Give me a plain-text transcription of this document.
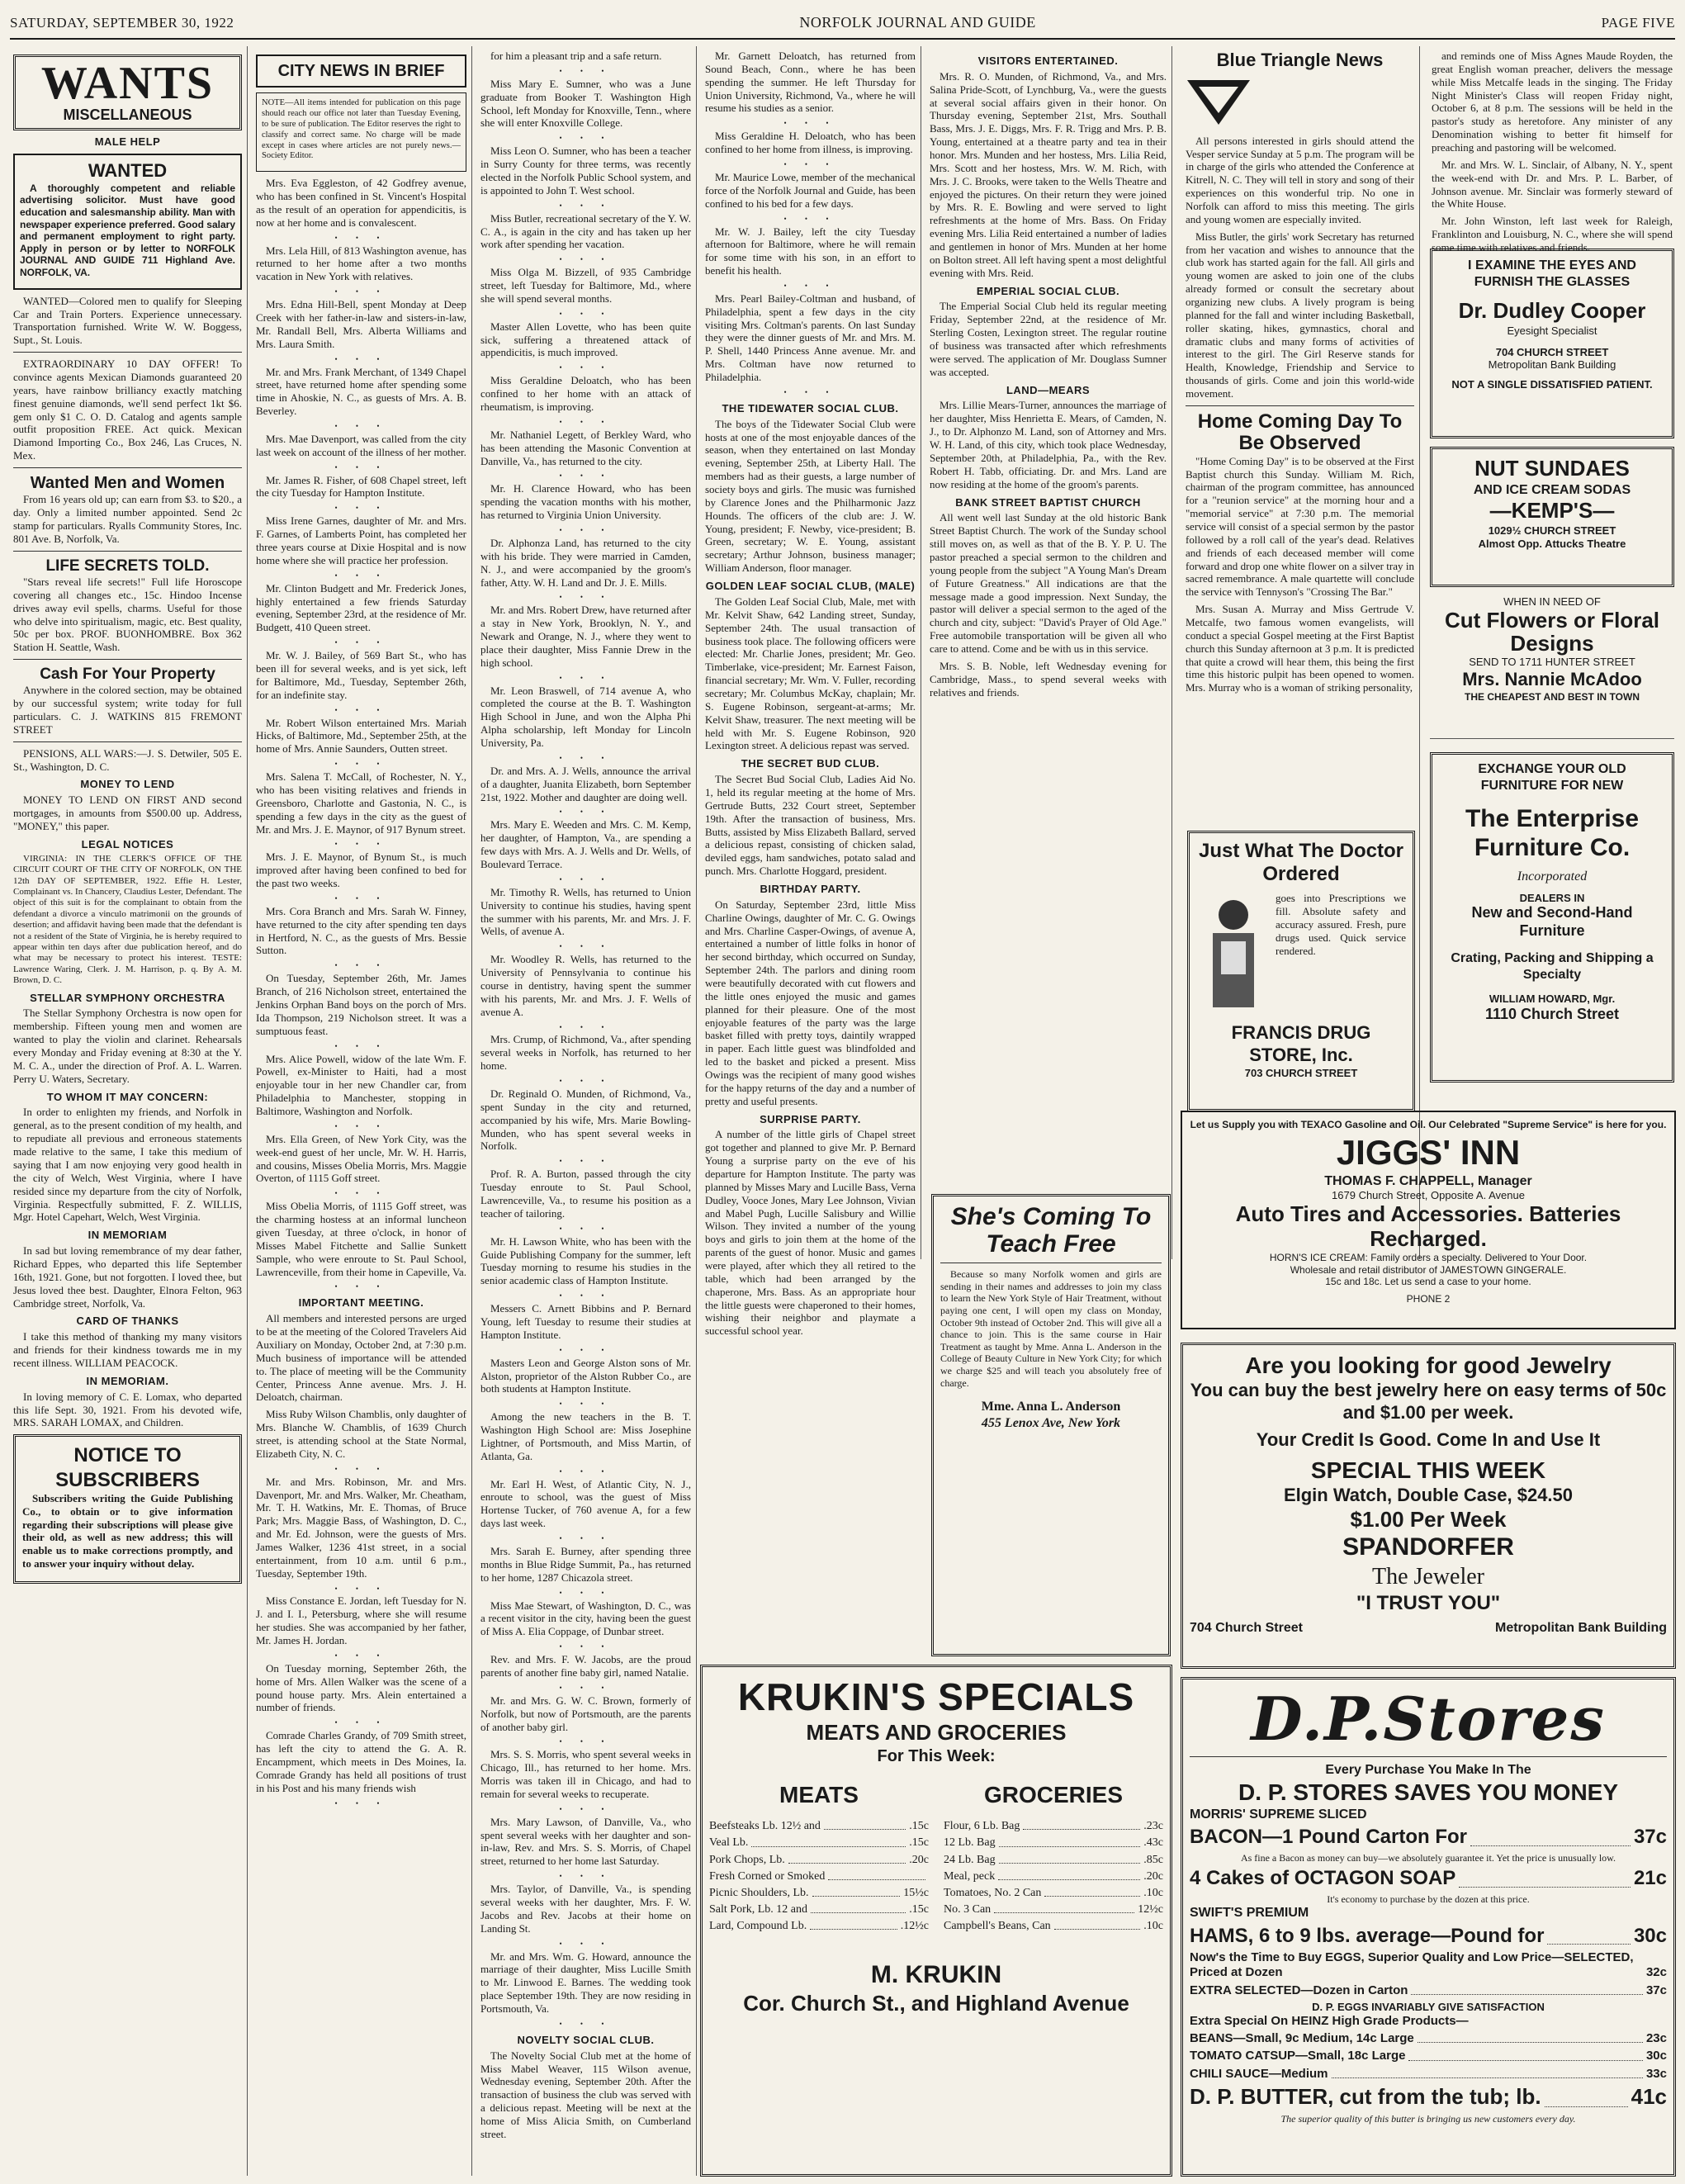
SATURDAY, SEPTEMBER 30, 1922	NORFOLK JOURNAL AND GUIDE	PAGE FIVE
WANTS
MISCELLANEOUS
MALE HELP
WANTED

A thoroughly competent and reliable advertising solicitor. Must have good education and salesmanship ability. Man with newspaper experience preferred. Good salary and permanent employment to right party. Apply in person or by letter to NORFOLK JOURNAL AND GUIDE 711 Highland Ave. NORFOLK, VA.

WANTED—Colored men to qualify for Sleeping Car and Train Porters. Experience unnecessary. Transportation furnished. Write W. W. Boggess, Supt., St. Louis.

EXTRAORDINARY 10 DAY OFFER! To convince agents Mexican Diamonds guaranteed 20 years, have rainbow brilliancy exactly matching finest genuine diamonds, we'll send perfect 1kt $6. gem only $1 C. O. D. Catalog and agents sample outfit proposition FREE. Act quick. Mexican Diamond Importing Co., Box 246, Las Cruces, N. Mex.

Wanted Men and Women

From 16 years old up; can earn from $3. to $20., a day. Only a limited number appointed. Send 2c stamp for particulars. Ryalls Community Stores, Inc. 801 Ave. B, Norfolk, Va.

LIFE SECRETS TOLD.

"Stars reveal life secrets!" Full life Horoscope covering all changes etc., 15c. Hindoo Incense drives away evil spells, charms. Useful for those who delve into spiritualism, magic, etc. Best quality, 50c per box. PROF. BUONHOMBRE. Box 362 Station H. Seattle, Wash.

Cash For Your Property

Anywhere in the colored section, may be obtained by our successful system; write today for full particulars. C. J. WATKINS 815 FREMONT STREET

PENSIONS, ALL WARS:—J. S. Detwiler, 505 E. St., Washington, D. C.

MONEY TO LEND

MONEY TO LEND ON FIRST AND second mortgages, in amounts from $500.00 up. Address, "MONEY," this paper.

LEGAL NOTICES

VIRGINIA: IN THE CLERK'S OFFICE OF THE CIRCUIT COURT OF THE CITY OF NORFOLK, ON THE 12th DAY OF SEPTEMBER, 1922. Effie H. Lester, Complainant vs. In Chancery, Claudius Lester, Defendant. The object of this suit is for the complainant to obtain from the defendant a divorce a vinculo matrimonii on the grounds of desertion; and affidavit having been made that the defendant is not a resident of the State of Virginia, he is hereby required to appear within ten days after due publication hereof, and do what may be necessary to protect his interest. TESTE: Lawrence Waring, Clerk. J. M. Harrison, p. q. By A. M. Brown, D. C.

STELLAR SYMPHONY ORCHESTRA

The Stellar Symphony Orchestra is now open for membership. Fifteen young men and women are wanted to play the violin and clarinet. Rehearsals every Monday and Friday evening at 8:30 at the Y. M. C. A., under the direction of Prof. A. L. Warren. Perry U. Waters, Secretary.

TO WHOM IT MAY CONCERN:

In order to enlighten my friends, and Norfolk in general, as to the present condition of my health, and to repudiate all previous and erroneous statements made relative to the same, I take this medium of saying that I am now enjoying very good health in the city of Welch, West Virginia, where I have resided since my departure from the city of Norfolk, Virginia. Respectfully submitted, F. Z. WILLIS, Mgr. Hotel Capehart, Welch, West Virginia.

IN MEMORIAM

In sad but loving remembrance of my dear father, Richard Eppes, who departed this life September 16th, 1921. Gone, but not forgotten. I loved thee, but Jesus loved thee best. Daughter, Elnora Felton, 963 Cambridge street, Norfolk, Va.

CARD OF THANKS

I take this method of thanking my many visitors and friends for their kindness towards me in my recent illness. WILLIAM PEACOCK.

IN MEMORIAM.

In loving memory of C. E. Lomax, who departed this life Sept. 30, 1921. From his devoted wife, MRS. SARAH LOMAX, and Children.

NOTICE TO SUBSCRIBERS

Subscribers writing the Guide Publishing Co., to obtain or to give information regarding their subscriptions will please give their old, as well as new address; this will enable us to make corrections promptly, and to answer your inquiry without delay.

CITY NEWS IN BRIEF

NOTE—All items intended for publication on this page should reach our office not later than Tuesday Evening, to be sure of publication. The Editor reserves the right to classify and correct same. No charge will be made except in cases where articles are not purely news.—Society Editor.

Mrs. Eva Eggleston, of 42 Godfrey avenue, who has been confined in St. Vincent's Hospital as the result of an operation for appendicitis, is now at her home and is convalescent.

• • •

Mrs. Lela Hill, of 813 Washington avenue, has returned to her home after a two months vacation in New York with relatives.

• • •

Mrs. Edna Hill-Bell, spent Monday at Deep Creek with her father-in-law and sisters-in-law, Mr. Randall Bell, Mrs. Alberta Williams and Mrs. Laura Smith.

• • •

Mr. and Mrs. Frank Merchant, of 1349 Chapel street, have returned home after spending some time in Ahoskie, N. C., as guests of Mrs. A. B. Beverley.

• • •

Mrs. Mae Davenport, was called from the city last week on account of the illness of her mother.

• • •

Mr. James R. Fisher, of 608 Chapel street, left the city Tuesday for Hampton Institute.

• • •

Miss Irene Garnes, daughter of Mr. and Mrs. F. Garnes, of Lamberts Point, has completed her three years course at Dixie Hospital and is now home where she will practice her profession.

• • •

Mr. Clinton Budgett and Mr. Frederick Jones, highly entertained a few friends Saturday evening, September 23rd, at the residence of Mr. Budgett, 410 Queen street.

• • •

Mr. W. J. Bailey, of 569 Bart St., who has been ill for several weeks, and is yet sick, left for Baltimore, Md., Tuesday, September 26th, for an indefinite stay.

• • •

Mr. Robert Wilson entertained Mrs. Mariah Hicks, of Baltimore, Md., September 25th, at the home of Mrs. Annie Saunders, Outten street.

• • •

Mrs. Salena T. McCall, of Rochester, N. Y., who has been visiting relatives and friends in Greensboro, Charlotte and Gastonia, N. C., is spending a few days in the city as the guest of Mr. and Mrs. J. E. Maynor, of 917 Bynum street.

• • •

Mrs. J. E. Maynor, of Bynum St., is much improved after having been confined to bed for the past two weeks.

• • •

Mrs. Cora Branch and Mrs. Sarah W. Finney, have returned to the city after spending ten days in Hertford, N. C., as the guests of Mrs. Bessie Sutton.

• • •

On Tuesday, September 26th, Mr. James Branch, of 216 Nicholson street, entertained the Jenkins Orphan Band boys on the porch of Mrs. Ida Thompson, 219 Nicholson street. It was a sumptuous feast.

• • •

Mrs. Alice Powell, widow of the late Wm. F. Powell, ex-Minister to Haiti, had a most enjoyable tour in her new Chandler car, from Philadelphia to Manchester, stopping in Baltimore, Washington and Norfolk.

• • •

Mrs. Ella Green, of New York City, was the week-end guest of her uncle, Mr. W. H. Harris, and cousins, Misses Obelia Morris, Mrs. Maggie Overton, of 1115 Goff street.

• • •

Miss Obelia Morris, of 1115 Goff street, was the charming hostess at an informal luncheon given Tuesday, at three o'clock, in honor of Misses Mabel Fitchette and Sallie Sunkett Sample, who were enroute to St. Paul School, Lawrenceville, from their home in Capeville, Va.

• • •
IMPORTANT MEETING.

All members and interested persons are urged to be at the meeting of the Colored Travelers Aid Auxiliary on Monday, October 2nd, at 7:30 p.m. Much business of importance will be attended to. The place of meeting will be the Community Center, Princess Anne avenue. Mrs. J. H. Deloatch, chairman.

Miss Ruby Wilson Chamblis, only daughter of Mrs. Blanche W. Chamblis, of 1639 Church street, is attending school at the State Normal, Elizabeth City, N. C.

• • •

Mr. and Mrs. Robinson, Mr. and Mrs. Davenport, Mr. and Mrs. Walker, Mr. Cheatham, Mr. T. H. Watkins, Mr. E. Thomas, of Bruce Park; Mrs. Maggie Bass, of Washington, D. C., and Mr. Ed. Johnson, were the guests of Mrs. James Walker, 1236 41st street, in a social entertainment, from 10 a.m. until 6 p.m., Tuesday, September 19th.

• • •

Miss Constance E. Jordan, left Tuesday for N. J. and I. I., Petersburg, where she will resume her studies. She was accompanied by her father, Mr. James H. Jordan.

• • •

On Tuesday morning, September 26th, the home of Mrs. Allen Walker was the scene of a pound house party. Mrs. Alein entertained a number of friends.

• • •

Comrade Charles Grandy, of 709 Smith street, has left the city to attend the G. A. R. Encampment, which meets in Des Moines, Ia. Comrade Grandy has held all positions of trust in his Post and his many friends wish

• • •

for him a pleasant trip and a safe return.

• • •

Miss Mary E. Sumner, who was a June graduate from Booker T. Washington High School, left Monday for Knoxville, Tenn., where she will enter Knoxville College.

• • •

Miss Leon O. Sumner, who has been a teacher in Surry County for three terms, was recently elected in the Norfolk Public School system, and is appointed to John T. West school.

• • •

Miss Butler, recreational secretary of the Y. W. C. A., is again in the city and has taken up her work after spending her vacation.

• • •

Miss Olga M. Bizzell, of 935 Cambridge street, left Tuesday for Baltimore, Md., where she will spend several months.

• • •

Master Allen Lovette, who has been quite sick, suffering a threatened attack of appendicitis, is much improved.

• • •

Miss Geraldine Deloatch, who has been confined to her home with an attack of rheumatism, is improving.

• • •

Mr. Nathaniel Legett, of Berkley Ward, who has been attending the Masonic Convention at Danville, Va., has returned to the city.

• • •

Mr. H. Clarence Howard, who has been spending the vacation months with his mother, has returned to Virginia Union University.

• • •

Dr. Alphonza Land, has returned to the city with his bride. They were married in Camden, N. J., and were accompanied by the groom's father, Atty. W. H. Land and Dr. J. E. Mills.

• • •

Mr. and Mrs. Robert Drew, have returned after a stay in New York, Brooklyn, N. Y., and Newark and Orange, N. J., where they went to place their daughter, Miss Fannie Drew in the high school.

• • •

Mr. Leon Braswell, of 714 avenue A, who completed the course at the B. T. Washington High School in June, and won the Alpha Phi Alpha scholarship, left Monday for Lincoln University, Pa.

• • •

Dr. and Mrs. A. J. Wells, announce the arrival of a daughter, Juanita Elizabeth, born September 21st, 1922. Mother and daughter are doing well.

• • •

Mrs. Mary E. Weeden and Mrs. C. M. Kemp, her daughter, of Hampton, Va., are spending a few days with Mrs. A. J. Wells and Dr. Wells, of Boulevard Terrace.

• • •

Mr. Timothy R. Wells, has returned to Union University to continue his studies, having spent the summer with his parents, Mr. and Mrs. J. F. Wells, of avenue A.

• • •

Mr. Woodley R. Wells, has returned to the University of Pennsylvania to continue his course in dentistry, having spent the summer with his parents, Mr. and Mrs. J. F. Wells of avenue A.

• • •

Mrs. Crump, of Richmond, Va., after spending several weeks in Norfolk, has returned to her home.

• • •

Dr. Reginald O. Munden, of Richmond, Va., spent Sunday in the city and returned, accompanied by his wife, Mrs. Marie Bowling-Munden, who has spent several weeks in Norfolk.

• • •

Prof. R. A. Burton, passed through the city Tuesday enroute to St. Paul School, Lawrenceville, Va., to resume his position as a teacher of tailoring.

• • •

Mr. H. Lawson White, who has been with the Guide Publishing Company for the summer, left Tuesday morning to resume his studies in the senior academic class of Hampton Institute.

• • •

Messers C. Arnett Bibbins and P. Bernard Young, left Tuesday to resume their studies at Hampton Institute.

• • •

Masters Leon and George Alston sons of Mr. Alston, proprietor of the Alston Rubber Co., are both students at Hampton Institute.

• • •

Among the new teachers in the B. T. Washington High School are: Miss Josephine Lightner, of Portsmouth, and Miss Martin, of Atlanta, Ga.

• • •

Mr. Earl H. West, of Atlantic City, N. J., enroute to school, was the guest of Miss Hortense Tucker, of 760 avenue A, for a few days last week.

• • •

Mrs. Sarah E. Burney, after spending three months in Blue Ridge Summit, Pa., has returned to her home, 1287 Chicazola street.

• • •

Miss Mae Stewart, of Washington, D. C., was a recent visitor in the city, having been the guest of Miss A. Elia Coppage, of Dunbar street.

• • •

Rev. and Mrs. F. W. Jacobs, are the proud parents of another fine baby girl, named Natalie.

• • •

Mr. and Mrs. G. W. C. Brown, formerly of Norfolk, but now of Portsmouth, are the parents of another baby girl.

• • •

Mrs. S. S. Morris, who spent several weeks in Chicago, Ill., has returned to her home. Mrs. Morris was taken ill in Chicago, and had to remain for several weeks to recuperate.

• • •

Mrs. Mary Lawson, of Danville, Va., who spent several weeks with her daughter and son-in-law, Rev. and Mrs. S. S. Morris, of Chapel street, returned to her home last Saturday.

• • •

Mrs. Taylor, of Danville, Va., is spending several weeks with her daughter, Mrs. F. W. Jacobs and Rev. Jacobs at their home on Landing St.

• • •

Mr. and Mrs. Wm. G. Howard, announce the marriage of their daughter, Miss Lucille Smith to Mr. Linwood E. Barnes. The wedding took place September 19th. They are now residing in Portsmouth, Va.

• • •
NOVELTY SOCIAL CLUB.

The Novelty Social Club met at the home of Miss Mabel Weaver, 115 Wilson avenue, Wednesday evening, September 20th. After the transaction of business the club was served with a delicious repast. Meeting will be next at the home of Miss Alicia Smith, on Cumberland street.

Mr. Garnett Deloatch, has returned from Sound Beach, Conn., where he has been spending the summer. He left Thursday for Union University, Richmond, Va., where he will resume his studies as a senior.

• • •

Miss Geraldine H. Deloatch, who has been confined to her home from illness, is improving.

• • •

Mr. Maurice Lowe, member of the mechanical force of the Norfolk Journal and Guide, has been confined to his bed for a few days.

• • •

Mr. W. J. Bailey, left the city Tuesday afternoon for Baltimore, where he will remain for some time with his son, in an effort to benefit his health.

• • •

Mrs. Pearl Bailey-Coltman and husband, of Philadelphia, spent a few days in the city visiting Mrs. Coltman's parents. On last Sunday they were the dinner guests of Mr. and Mrs. M. P. Shell, 1440 Princess Anne avenue. Mr. and Mrs. Coltman have now returned to Philadelphia.

• • •
THE TIDEWATER SOCIAL CLUB.

The boys of the Tidewater Social Club were hosts at one of the most enjoyable dances of the season, when they entertained on last Monday evening, September 25th, at Liberty Hall. The members had as their guests, a large number of society boys and girls. The music was furnished by Clarence Jones and the Philharmonic Jazz Hounds. The officers of the club are: J. W. Young, president; F. Newby, vice-president; B. Green, secretary; W. E. Young, assistant secretary; Arthur Johnson, business manager; William Anderson, floor manager.

GOLDEN LEAF SOCIAL CLUB, (MALE)

The Golden Leaf Social Club, Male, met with Mr. Kelvit Shaw, 642 Landing street, Sunday, September 24th. The usual transaction of business took place. The following officers were elected: Mr. Charlie Jones, president; Mr. Geo. Timberlake, vice-president; Mr. Earnest Faison, financial secretary; Mr. Wm. V. Fuller, recording secretary; Mr. Columbus McKay, chaplain; Mr. S. Eugene Robinson, sergeant-at-arms; Mr. Kelvit Shaw, treasurer. The next meeting will be held with Mr. S. Eugene Robinson, 920 Lexington street. A delicious repast was served.

THE SECRET BUD CLUB.

The Secret Bud Social Club, Ladies Aid No. 1, held its regular meeting at the home of Mrs. Gertrude Butts, 232 Court street, September 19th. After the transaction of business, Mrs. Butts, assisted by Miss Elizabeth Ballard, served a delicious repast, consisting of chicken salad, deviled eggs, ham sandwiches, potato salad and punch. Mrs. Charlotte Hoggard, president.

BIRTHDAY PARTY.

On Saturday, September 23rd, little Miss Charline Owings, daughter of Mr. C. G. Owings and Mrs. Charline Casper-Owings, of avenue A, entertained a number of little folks in honor of her second birthday, which occurred on Sunday, September 24th. The parlors and dining room were beautifully decorated with cut flowers and the little ones enjoyed the music and games planned for their pleasure. One of the most enjoyable features of the party was the large basket filled with pretty toys, daintily wrapped in paper. Each little guest was blindfolded and led to the basket and picked a present. Miss Owings was the recipient of many good wishes for the happy returns of the day and a number of pretty and useful presents.

SURPRISE PARTY.

A number of the little girls of Chapel street got together and planned to give Mr. P. Bernard Young a surprise party on the eve of his departure for Hampton Institute. The party was planned by Misses Mary and Lucille Bass, Verna Dudley, Vooce Jones, Mary Lee Johnson, Vivian and Mabel Pugh, Lucille Salisbury and Willie Wilson. They invited a number of the young boys and girls to join them at the home of the parents of the guest of honor. Music and games were played, after which they all retired to the table, which had been arranged by the chaperone, Mrs. Bass. As an appropriate hour the little guests were chaperoned to their homes, wishing their neighbor and playmate a successful school year.

VISITORS ENTERTAINED.

Mrs. R. O. Munden, of Richmond, Va., and Mrs. Salina Pride-Scott, of Lynchburg, Va., were the guests at several social affairs given in their honor. On Thursday evening, September 21st, Mrs. Southall Bass, Mrs. J. E. Diggs, Mrs. F. R. Trigg and Mrs. P. B. Young, entertained at a theatre party and tea in their honor. Mrs. Munden and her hostess, Mrs. Lilia Reid, Mrs. Scott and her hostess, Mrs. W. M. Rich, with Mrs. J. C. Brooks, were taken to the Wells Theatre and enjoyed the pictures. On their return they were joined by Mrs. R. E. Bowling and were served to light refreshments at the home of Mrs. Bass. On Friday evening Mrs. Lilia Reid entertained a number of ladies and gentlemen in honor of Mrs. Munden at her home on Bolton street. All left having spent a most delightful evening with Mrs. Reid.

EMPERIAL SOCIAL CLUB.

The Emperial Social Club held its regular meeting Friday, September 22nd, at the residence of Mr. Sterling Costen, Lexington street. The regular routine of business was transacted after which refreshments were served. The application of Mr. Douglass Sumner was accepted.

LAND—MEARS

Mrs. Lillie Mears-Turner, announces the marriage of her daughter, Miss Henrietta E. Mears, of Camden, N. J., to Dr. Alphonzo M. Land, son of Attorney and Mrs. W. H. Land, of this city, which took place Wednesday, September 20th, at Philadelphia, Pa., with the Rev. Robert H. Tabb, officiating. Dr. and Mrs. Land are now residing at the home of the groom's parents.

BANK STREET BAPTIST CHURCH

All went well last Sunday at the old historic Bank Street Baptist Church. The work of the Sunday school still moves on, as well as that of the B. Y. P. U. The pastor preached a special sermon to the children and young people from the subject "A Young Man's Dream of Future Greatness." All indications are that the message made a good impression. Next Sunday, the pastor will deliver a special sermon to the aged of the church and city, subject: "David's Prayer of Old Age." Free automobile transportation will be given all who care to attend. Come and be with us in this service.

Mrs. S. B. Noble, left Wednesday evening for Cambridge, Mass., to spend several weeks with relatives and friends.

She's Coming To Teach Free

Because so many Norfolk women and girls are sending in their names and addresses to join my class to learn the New York Style of Hair Treatment, without paying one cent, I will open my class on Monday, October 9th instead of October 2nd. This will give all a chance to join. This is the same course in Hair Treatment as taught by Mme. Anna L. Anderson in the College of Beauty Culture in New York City; for which we charge $25 and will teach you absolutely free of charge.

Mme. Anna L. Anderson
455 Lenox Ave, New York
KRUKIN'S SPECIALS
MEATS AND GROCERIES
For This Week:
MEATS
Beefsteaks Lb. 12½ and	.15c
Veal Lb.	.15c
Pork Chops, Lb.	.20c
Fresh Corned or Smoked
Picnic Shoulders, Lb.	15½c
Salt Pork, Lb. 12 and	.15c
Lard, Compound Lb.	.12½c
GROCERIES
Flour, 6 Lb. Bag	.23c
12 Lb. Bag	.43c
24 Lb. Bag	.85c
Meal, peck	.20c
Tomatoes, No. 2 Can	.10c
No. 3 Can	12½c
Campbell's Beans, Can	.10c
M. KRUKIN
Cor. Church St., and Highland Avenue
Blue Triangle News

All persons interested in girls should attend the Vesper service Sunday at 5 p.m. The program will be in charge of the girls who attended the Conference at Kitrell, N. C. They will tell in story and song of their experiences on this wonderful trip. No one in Norfolk can afford to miss this meeting. The girls and young women are especially invited.

Miss Butler, the girls' work Secretary has returned from her vacation and wishes to announce that the club work has started again for the fall. All girls and young women are asked to join one of the clubs already formed or consult the secretary about organizing new clubs. A lively program is being planned for the fall and winter including Basketball, roller skating, hikes, gymnastics, choral and dramatic clubs and many forms of activities of interest to the girl. The Girl Reserve stands for Health, Knowledge, Friendship and Service to thousands of girls. Come and join this world-wide movement.

Home Coming Day To Be Observed

"Home Coming Day" is to be observed at the First Baptist church this Sunday. William M. Rich, chairman of the program committee, has announced for a "reunion service" at the morning hour and a "memorial service" at 7:30 p.m. The memorial service will consist of a special sermon by the pastor followed by a roll call of the year's dead. Relatives and friends of each deceased member will come forward and drop one white flower on a silver tray in sacred remembrance. A male quartette will conclude the service with Tennyson's "Crossing The Bar."

Mrs. Susan A. Murray and Miss Gertrude V. Metcalfe, two famous women evangelists, will conduct a special Gospel meeting at the First Baptist church this Sunday afternoon at 3 p.m. It is predicted that quite a crowd will hear them, this being the first time this historic pulpit has been opened to women. Mrs. Murray who is a woman of striking personality,

Just What The Doctor Ordered

goes into Prescriptions we fill. Absolute safety and accuracy assured. Fresh, pure drugs used. Quick service rendered.

FRANCIS DRUG STORE, Inc.
703 CHURCH STREET

and reminds one of Miss Agnes Maude Royden, the great English woman preacher, delivers the message while Miss Metcalfe leads in the singing. The Friday Night Minister's Class will reopen Friday night, October 6, at 8 p.m. The sessions will be held in the pastor's study as heretofore. Any minister of any Denomination wishing to better fit himself for preaching and pastoring will be welcomed.

Mr. and Mrs. W. L. Sinclair, of Albany, N. Y., spent the week-end with Dr. and Mrs. P. L. Barber, of Johnson avenue. Mr. Sinclair was formerly steward of the White House.

Mr. John Winston, left last week for Raleigh, Franklinton and Louisburg, N. C., where she will spend some time with relatives and friends.

I EXAMINE THE EYES AND FURNISH THE GLASSES
Dr. Dudley Cooper
Eyesight Specialist
704 CHURCH STREET
Metropolitan Bank Building
NOT A SINGLE DISSATISFIED PATIENT.
NUT SUNDAES
AND ICE CREAM SODAS
—KEMP'S—
1029½ CHURCH STREET
Almost Opp. Attucks Theatre
WHEN IN NEED OF
Cut Flowers or Floral Designs
SEND TO 1711 HUNTER STREET
Mrs. Nannie McAdoo
THE CHEAPEST AND BEST IN TOWN
EXCHANGE YOUR OLD FURNITURE FOR NEW
The Enterprise Furniture Co.
Incorporated
DEALERS IN
New and Second-Hand Furniture
Crating, Packing and Shipping a Specialty
WILLIAM HOWARD, Mgr.
1110 Church Street
Let us Supply you with TEXACO Gasoline and Oil. Our Celebrated "Supreme Service" is here for you.
JIGGS' INN
THOMAS F. CHAPPELL, Manager
1679 Church Street, Opposite A. Avenue
Auto Tires and Accessories. Batteries Recharged.
HORN'S ICE CREAM: Family orders a specialty. Delivered to Your Door.
Wholesale and retail distributor of JAMESTOWN GINGERALE.
15c and 18c. Let us send a case to your home.
PHONE 2
Are you looking for good Jewelry
You can buy the best jewelry here on easy terms of 50c and $1.00 per week.
Your Credit Is Good. Come In and Use It
SPECIAL THIS WEEK
Elgin Watch, Double Case, $24.50
$1.00 Per Week
SPANDORFER
The Jeweler
"I TRUST YOU"
704 Church Street	Metropolitan Bank Building
D.P.Stores
Every Purchase You Make In The
D. P. STORES SAVES YOU MONEY
MORRIS' SUPREME SLICED
BACON—1 Pound Carton For	37c
As fine a Bacon as money can buy—we absolutely guarantee it. Yet the price is unusually low.
4 Cakes of OCTAGON SOAP	21c
It's economy to purchase by the dozen at this price.
SWIFT'S PREMIUM
HAMS, 6 to 9 lbs. average—Pound for	30c
Now's the Time to Buy EGGS, Superior Quality and Low Price—SELECTED, Priced at Dozen	32c
EXTRA SELECTED—Dozen in Carton	37c
D. P. EGGS INVARIABLY GIVE SATISFACTION
Extra Special On HEINZ High Grade Products—
BEANS—Small, 9c Medium, 14c Large	23c
TOMATO CATSUP—Small, 18c Large	30c
CHILI SAUCE—Medium	33c
D. P. BUTTER, cut from the tub; lb.	41c
The superior quality of this butter is bringing us new customers every day.
